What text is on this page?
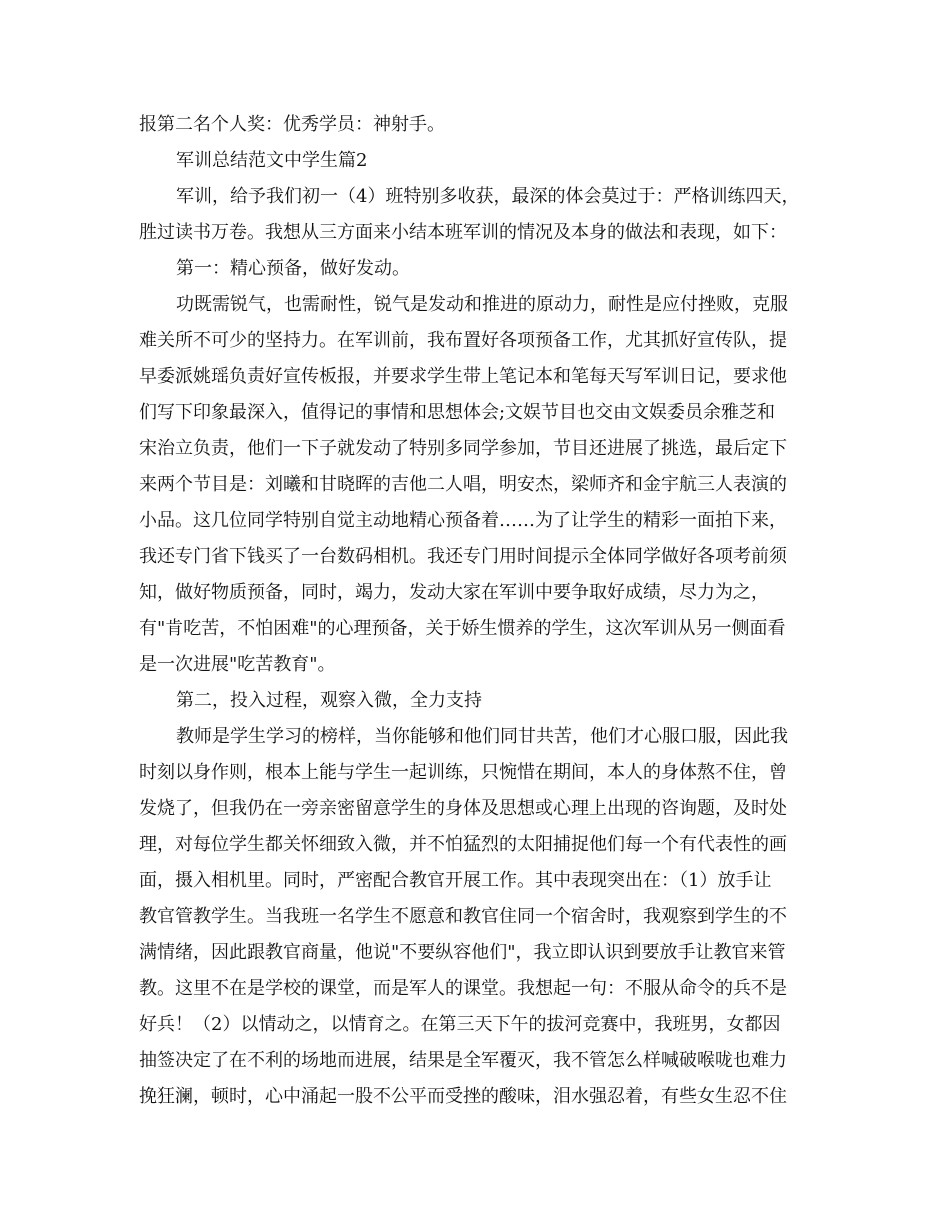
报第二名个人奖：优秀学员：神射手。

军训总结范文中学生篇2

军训，给予我们初一（4）班特别多收获，最深的体会莫过于：严格训练四天，

胜过读书万卷。我想从三方面来小结本班军训的情况及本身的做法和表现，如下：

第一：精心预备，做好发动。

功既需锐气，也需耐性，锐气是发动和推进的原动力，耐性是应付挫败，克服

难关所不可少的坚持力。在军训前，我布置好各项预备工作，尤其抓好宣传队，提

早委派姚瑶负责好宣传板报，并要求学生带上笔记本和笔每天写军训日记，要求他

们写下印象最深入，值得记的事情和思想体会;文娱节目也交由文娱委员余雅芝和

宋治立负责，他们一下子就发动了特别多同学参加，节目还进展了挑选，最后定下

来两个节目是：刘曦和甘晓晖的吉他二人唱，明安杰，梁师齐和金宇航三人表演的

小品。这几位同学特别自觉主动地精心预备着……为了让学生的精彩一面拍下来，

我还专门省下钱买了一台数码相机。我还专门用时间提示全体同学做好各项考前须

知，做好物质预备，同时，竭力，发动大家在军训中要争取好成绩，尽力为之，

有"肯吃苦，不怕困难"的心理预备，关于娇生惯养的学生，这次军训从另一侧面看

是一次进展"吃苦教育"。

第二，投入过程，观察入微，全力支持

教师是学生学习的榜样，当你能够和他们同甘共苦，他们才心服口服，因此我

时刻以身作则，根本上能与学生一起训练，只惋惜在期间，本人的身体熬不住，曾

发烧了，但我仍在一旁亲密留意学生的身体及思想或心理上出现的咨询题，及时处

理，对每位学生都关怀细致入微，并不怕猛烈的太阳捕捉他们每一个有代表性的画

面，摄入相机里。同时，严密配合教官开展工作。其中表现突出在：（1）放手让

教官管教学生。当我班一名学生不愿意和教官住同一个宿舍时，我观察到学生的不

满情绪，因此跟教官商量，他说"不要纵容他们"，我立即认识到要放手让教官来管

教。这里不在是学校的课堂，而是军人的课堂。我想起一句：不服从命令的兵不是

好兵！（2）以情动之，以情育之。在第三天下午的拔河竞赛中，我班男，女都因

抽签决定了在不利的场地而进展，结果是全军覆灭，我不管怎么样喊破喉咙也难力

挽狂澜，顿时，心中涌起一股不公平而受挫的酸味，泪水强忍着，有些女生忍不住
